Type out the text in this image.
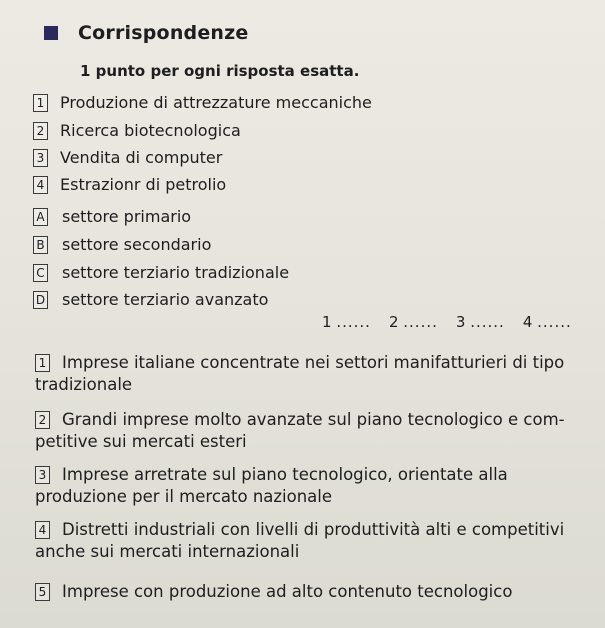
Corrispondenze
1 punto per ogni risposta esatta.
1 Produzione di attrezzature meccaniche
2 Ricerca biotecnologica
3 Vendita di computer
4 Estrazionr di petrolio
A settore primario
B settore secondario
C settore terziario tradizionale
D settore terziario avanzato
1 ...... 2 ...... 3 ...... 4 ......
1 Imprese italiane concentrate nei settori manifatturieri di tipo tradizionale
2 Grandi imprese molto avanzate sul piano tecnologico e com-petitive sui mercati esteri
3 Imprese arretrate sul piano tecnologico, orientate alla produzione per il mercato nazionale
4 Distretti industriali con livelli di produttività alti e competitivi anche sui mercati internazionali
5 Imprese con produzione ad alto contenuto tecnologico
